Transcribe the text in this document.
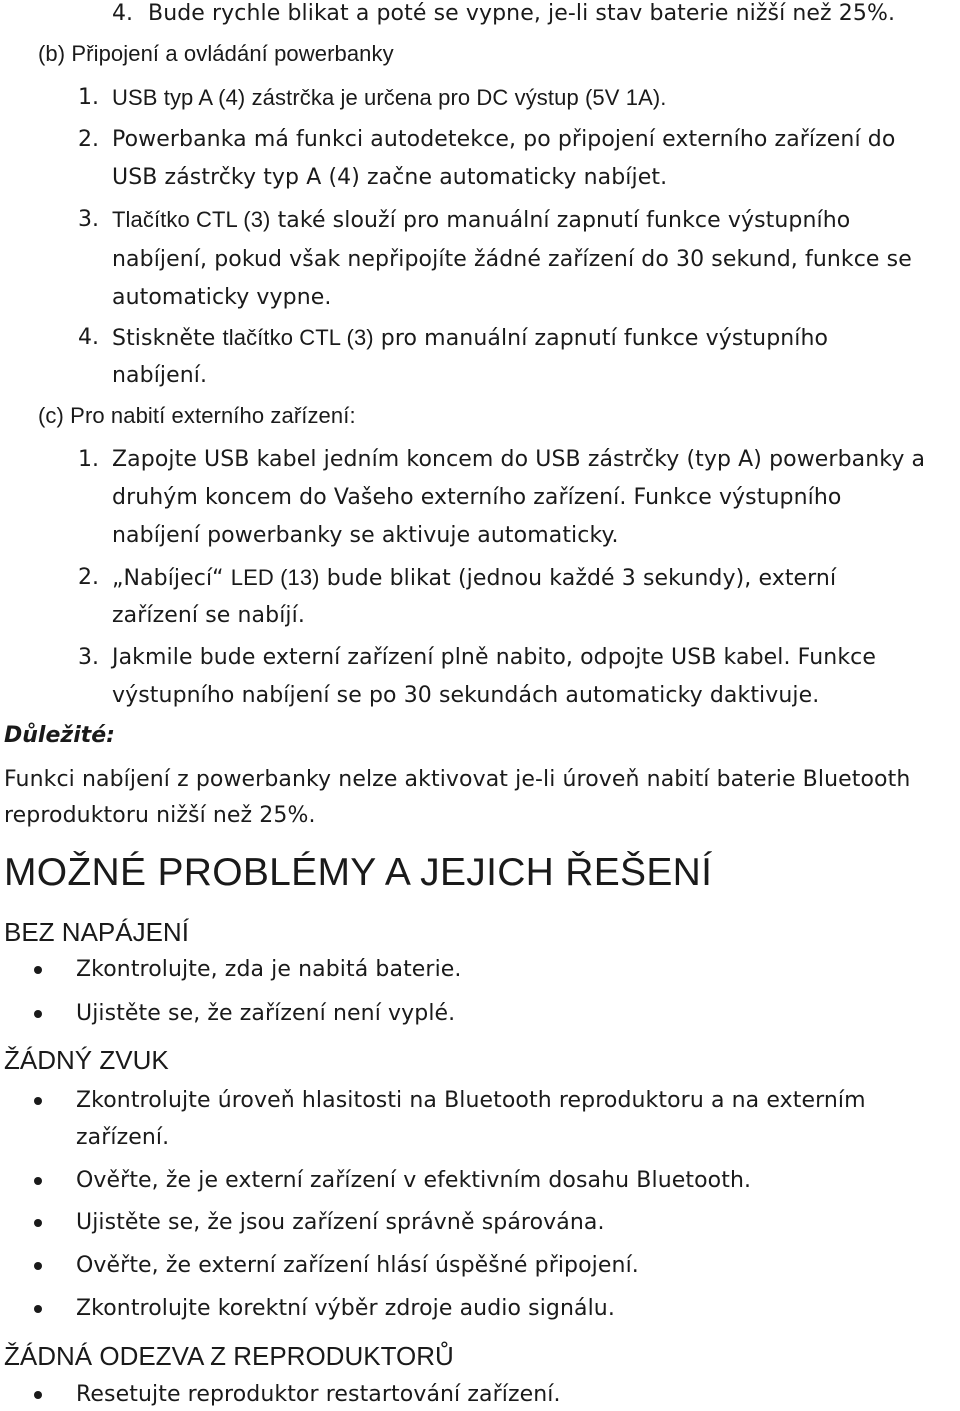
4. Bude rychle blikat a poté se vypne, je-li stav baterie nižší než 25%.
(b) Připojení a ovládání powerbanky
1. USB typ A (4) zástrčka je určena pro DC výstup (5V 1A).
2. Powerbanka má funkci autodetekce, po připojení externího zařízení do
USB zástrčky typ A (4) začne automaticky nabíjet.
3. Tlačítko CTL (3) také slouží pro manuální zapnutí funkce výstupního
nabíjení, pokud však nepřipojíte žádné zařízení do 30 sekund, funkce se
automaticky vypne.
4. Stiskněte tlačítko CTL (3) pro manuální zapnutí funkce výstupního
nabíjení.
(c) Pro nabití externího zařízení:
1. Zapojte USB kabel jedním koncem do USB zástrčky (typ A) powerbanky a
druhým koncem do Vašeho externího zařízení. Funkce výstupního
nabíjení powerbanky se aktivuje automaticky.
2. „Nabíjecí“ LED (13) bude blikat (jednou každé 3 sekundy), externí
zařízení se nabíjí.
3. Jakmile bude externí zařízení plně nabito, odpojte USB kabel. Funkce
výstupního nabíjení se po 30 sekundách automaticky daktivuje.
Důležité:
Funkci nabíjení z powerbanky nelze aktivovat je-li úroveň nabití baterie Bluetooth
reproduktoru nižší než 25%.
MOŽNÉ PROBLÉMY A JEJICH ŘEŠENÍ
BEZ NAPÁJENÍ
Zkontrolujte, zda je nabitá baterie.
Ujistěte se, že zařízení není vyplé.
ŽÁDNÝ ZVUK
Zkontrolujte úroveň hlasitosti na Bluetooth reproduktoru a na externím
zařízení.
Ověřte, že je externí zařízení v efektivním dosahu Bluetooth.
Ujistěte se, že jsou zařízení správně spárována.
Ověřte, že externí zařízení hlásí úspěšné připojení.
Zkontrolujte korektní výběr zdroje audio signálu.
ŽÁDNÁ ODEZVA Z REPRODUKTORŮ
Resetujte reproduktor restartování zařízení.
